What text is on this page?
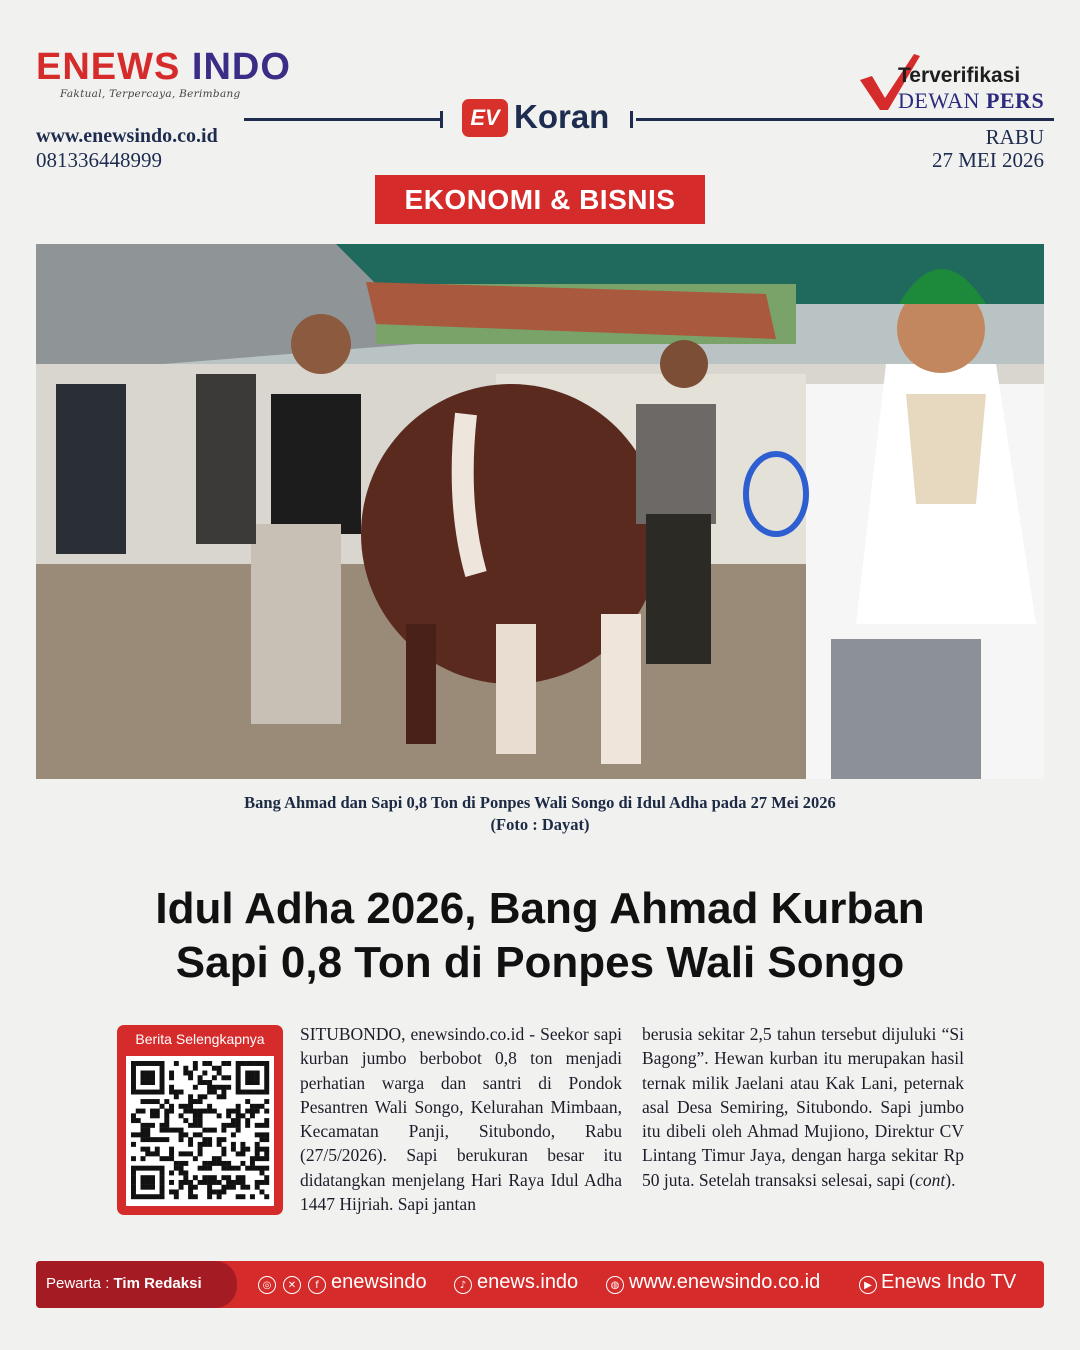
ENEWS INDO
Faktual, Terpercaya, Berimbang
www.enewsindo.co.id
081336448999
EV Koran
Terverifikasi
DEWAN PERS
RABU
27 MEI 2026
EKONOMI & BISNIS
Bang Ahmad dan Sapi 0,8 Ton di Ponpes Wali Songo di Idul Adha pada 27 Mei 2026
(Foto : Dayat)
Idul Adha 2026, Bang Ahmad Kurban
Sapi 0,8 Ton di Ponpes Wali Songo
Berita Selengkapnya	SITUBONDO, enewsindo.co.id - Seekor sapi kurban jumbo berbobot 0,8 ton menjadi perhatian warga dan santri di Pondok Pesantren Wali Songo, Kelurahan Mimbaan, Kecamatan Panji, Situbondo, Rabu (27/5/2026). Sapi berukuran besar itu didatangkan menjelang Hari Raya Idul Adha 1447 Hijriah. Sapi jantan
berusia sekitar 2,5 tahun tersebut dijuluki “Si Bagong”. Hewan kurban itu merupakan hasil ternak milik Jaelani atau Kak Lani, peternak asal Desa Semiring, Situbondo. Sapi jumbo itu dibeli oleh Ahmad Mujiono, Direktur CV Lintang Timur Jaya, dengan harga sekitar Rp 50 juta. Setelah transaksi selesai, sapi (cont).
Pewarta : Tim Redaksi	◎	✕	f enewsindo	♪ enews.indo	◍ www.enewsindo.co.id	▶ Enews Indo TV
